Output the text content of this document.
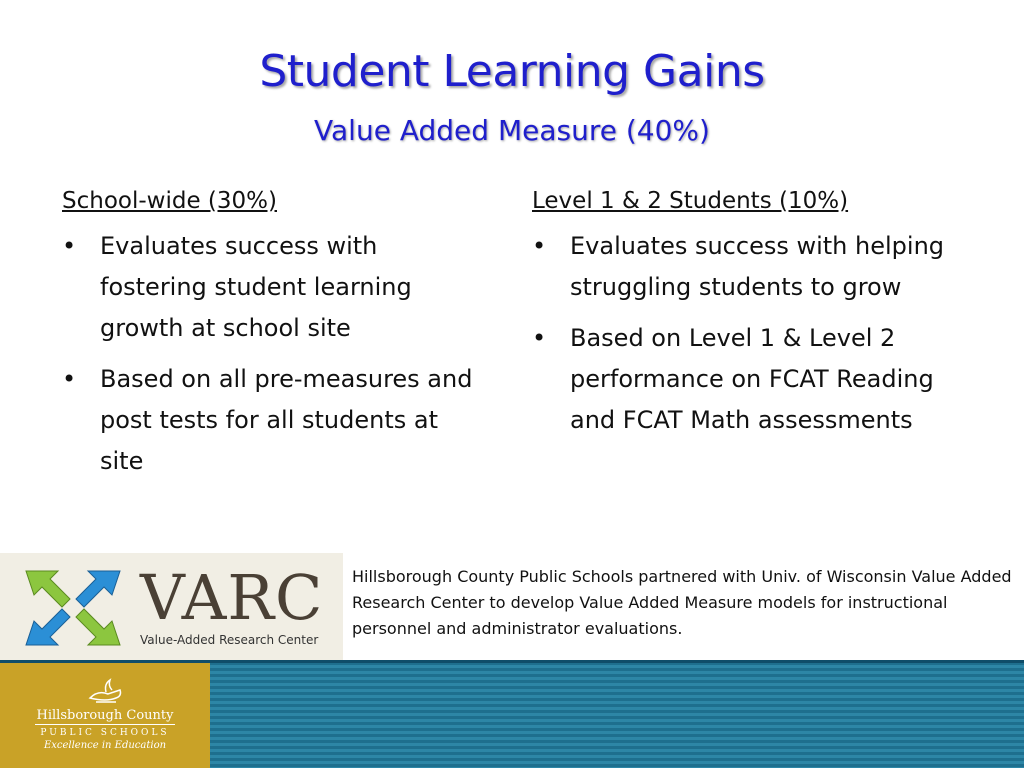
Student Learning Gains
Value Added Measure (40%)
School-wide (30%)
• Evaluates success with fostering student learning growth at school site
• Based on all pre-measures and post tests for all students at site
Level 1 & 2 Students (10%)
• Evaluates success with helping struggling students to grow
• Based on Level 1 & Level 2 performance on FCAT Reading and FCAT Math assessments
VARC
Value-Added Research Center
Hillsborough County Public Schools partnered with Univ. of Wisconsin Value Added Research Center to develop Value Added Measure models for instructional personnel and administrator evaluations.
Hillsborough County
PUBLIC SCHOOLS
Excellence in Education
